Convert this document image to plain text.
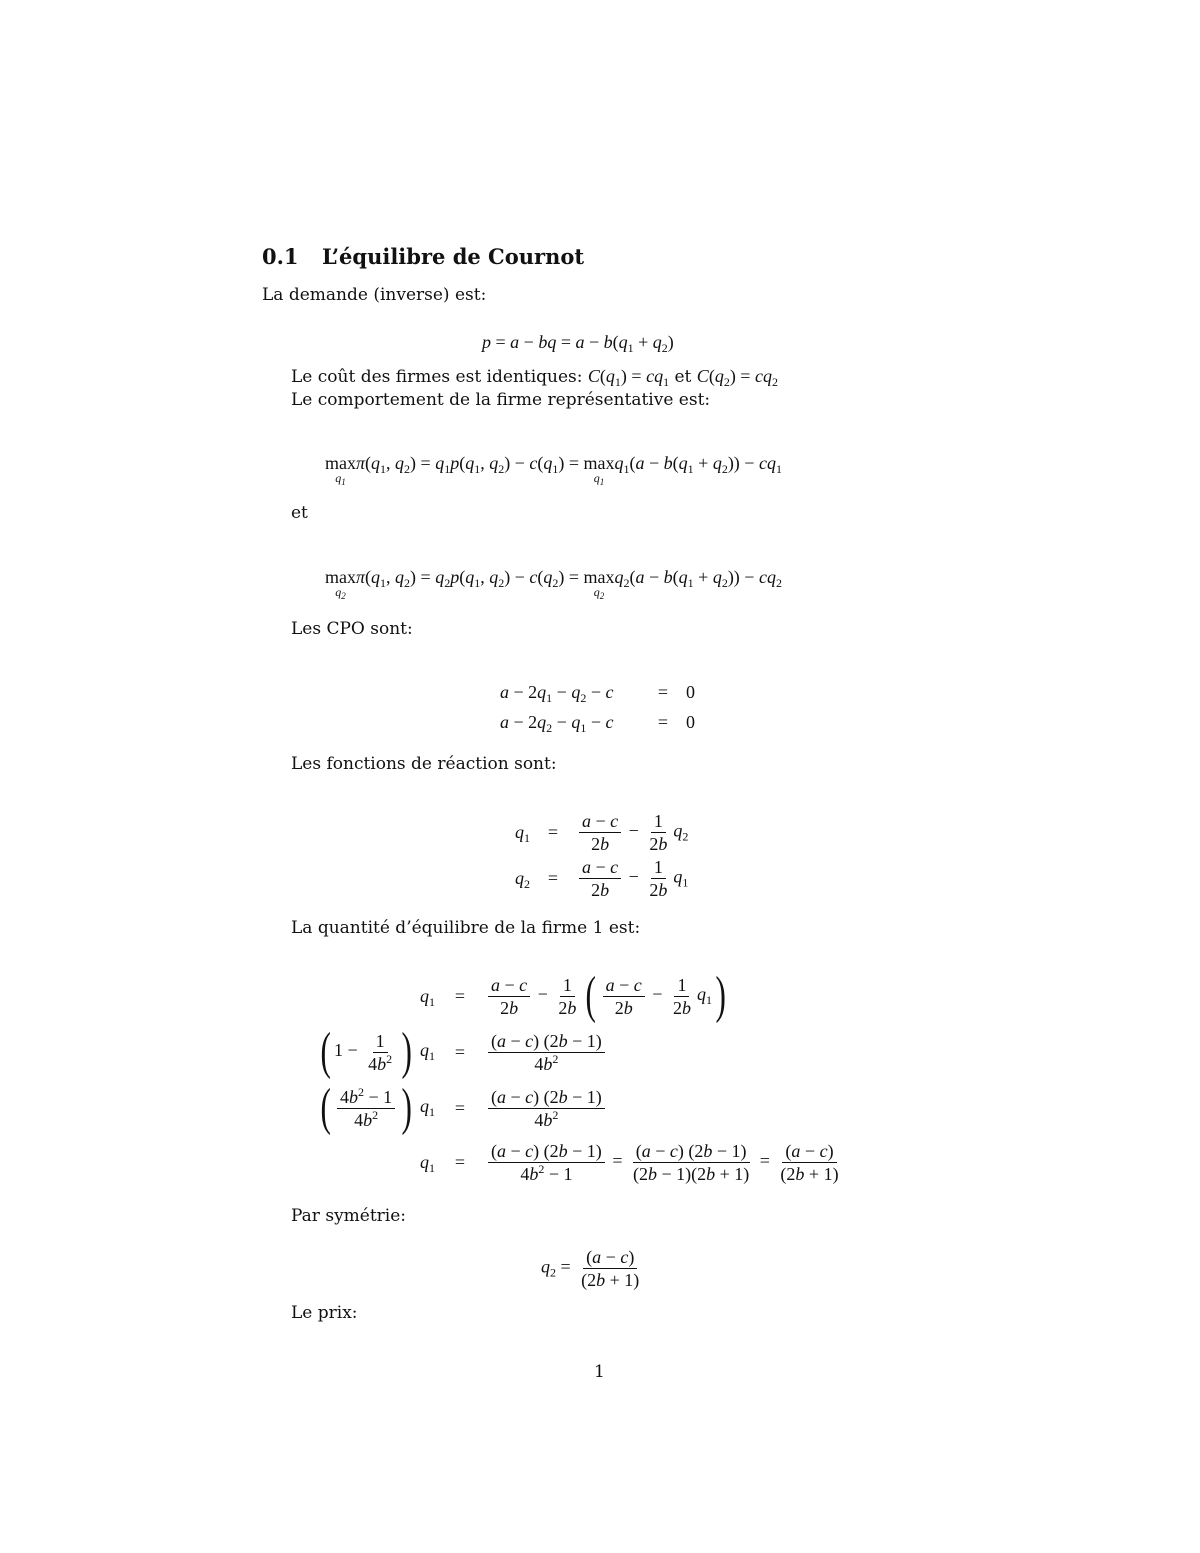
0.1 L’équilibre de Cournot
La demande (inverse) est:
p = a − bq = $a - b(q_1 + q_2)$
Le coût des firmes est identiques: $C(q_1) = cq_1$ et $C(q_2) = cq_2$
Le comportement de la firme représentative est:
max
$q_1$
$\pi(q_1$, $q_2) = q_1p(q_1$, $q_2) - c(q_1) = \max$
$q_1$
$q_1(a - b(q_1 + q_2)) - cq_1$
et
max
$q_2$
$\pi(q_1$, $q_2) = q_2p(q_1$, $q_2) - c(q_2) = \max$
$q_2$
$q_2(a - b(q_1 + q_2)) - cq_2$
Les CPO sont:
$a - 2q_1 - q_2 - c$	= 0
$a - 2q_2 - q_1 - c$	= 0
Les fonctions de réaction sont:
$q_1$ =	$\frac{a - c}{2b} - \frac{1}{2b} q_2$
$q_2$ =	$\frac{a - c}{2b} - \frac{1}{2b} q_1$
La quantité d’équilibre de la firme 1 est:
$q_1$	=	$\frac{a - c}{2b} - \frac{1}{2b}$ ( $\frac{a - c}{2b} - \frac{1}{2b} q_1$)
( $1 - \frac{1}{4b^2}$ ) $q_1$	=	$\frac{(a - c) (2b - 1)}{4b^2}$
( $\frac{4b^2 - 1}{4b^2}$ ) $q_1$	=	$\frac{(a - c) (2b - 1)}{4b^2}$
$q_1$	=	$\frac{(a - c) (2b - 1)}{4b^2 - 1} = \frac{(a - c) (2b - 1)}{(2b - 1)(2b + 1)} = \frac{(a - c)}{(2b + 1)}$
Par symétrie:
$q_2 = \frac{(a - c)}{(2b + 1)}$
Le prix:
1
